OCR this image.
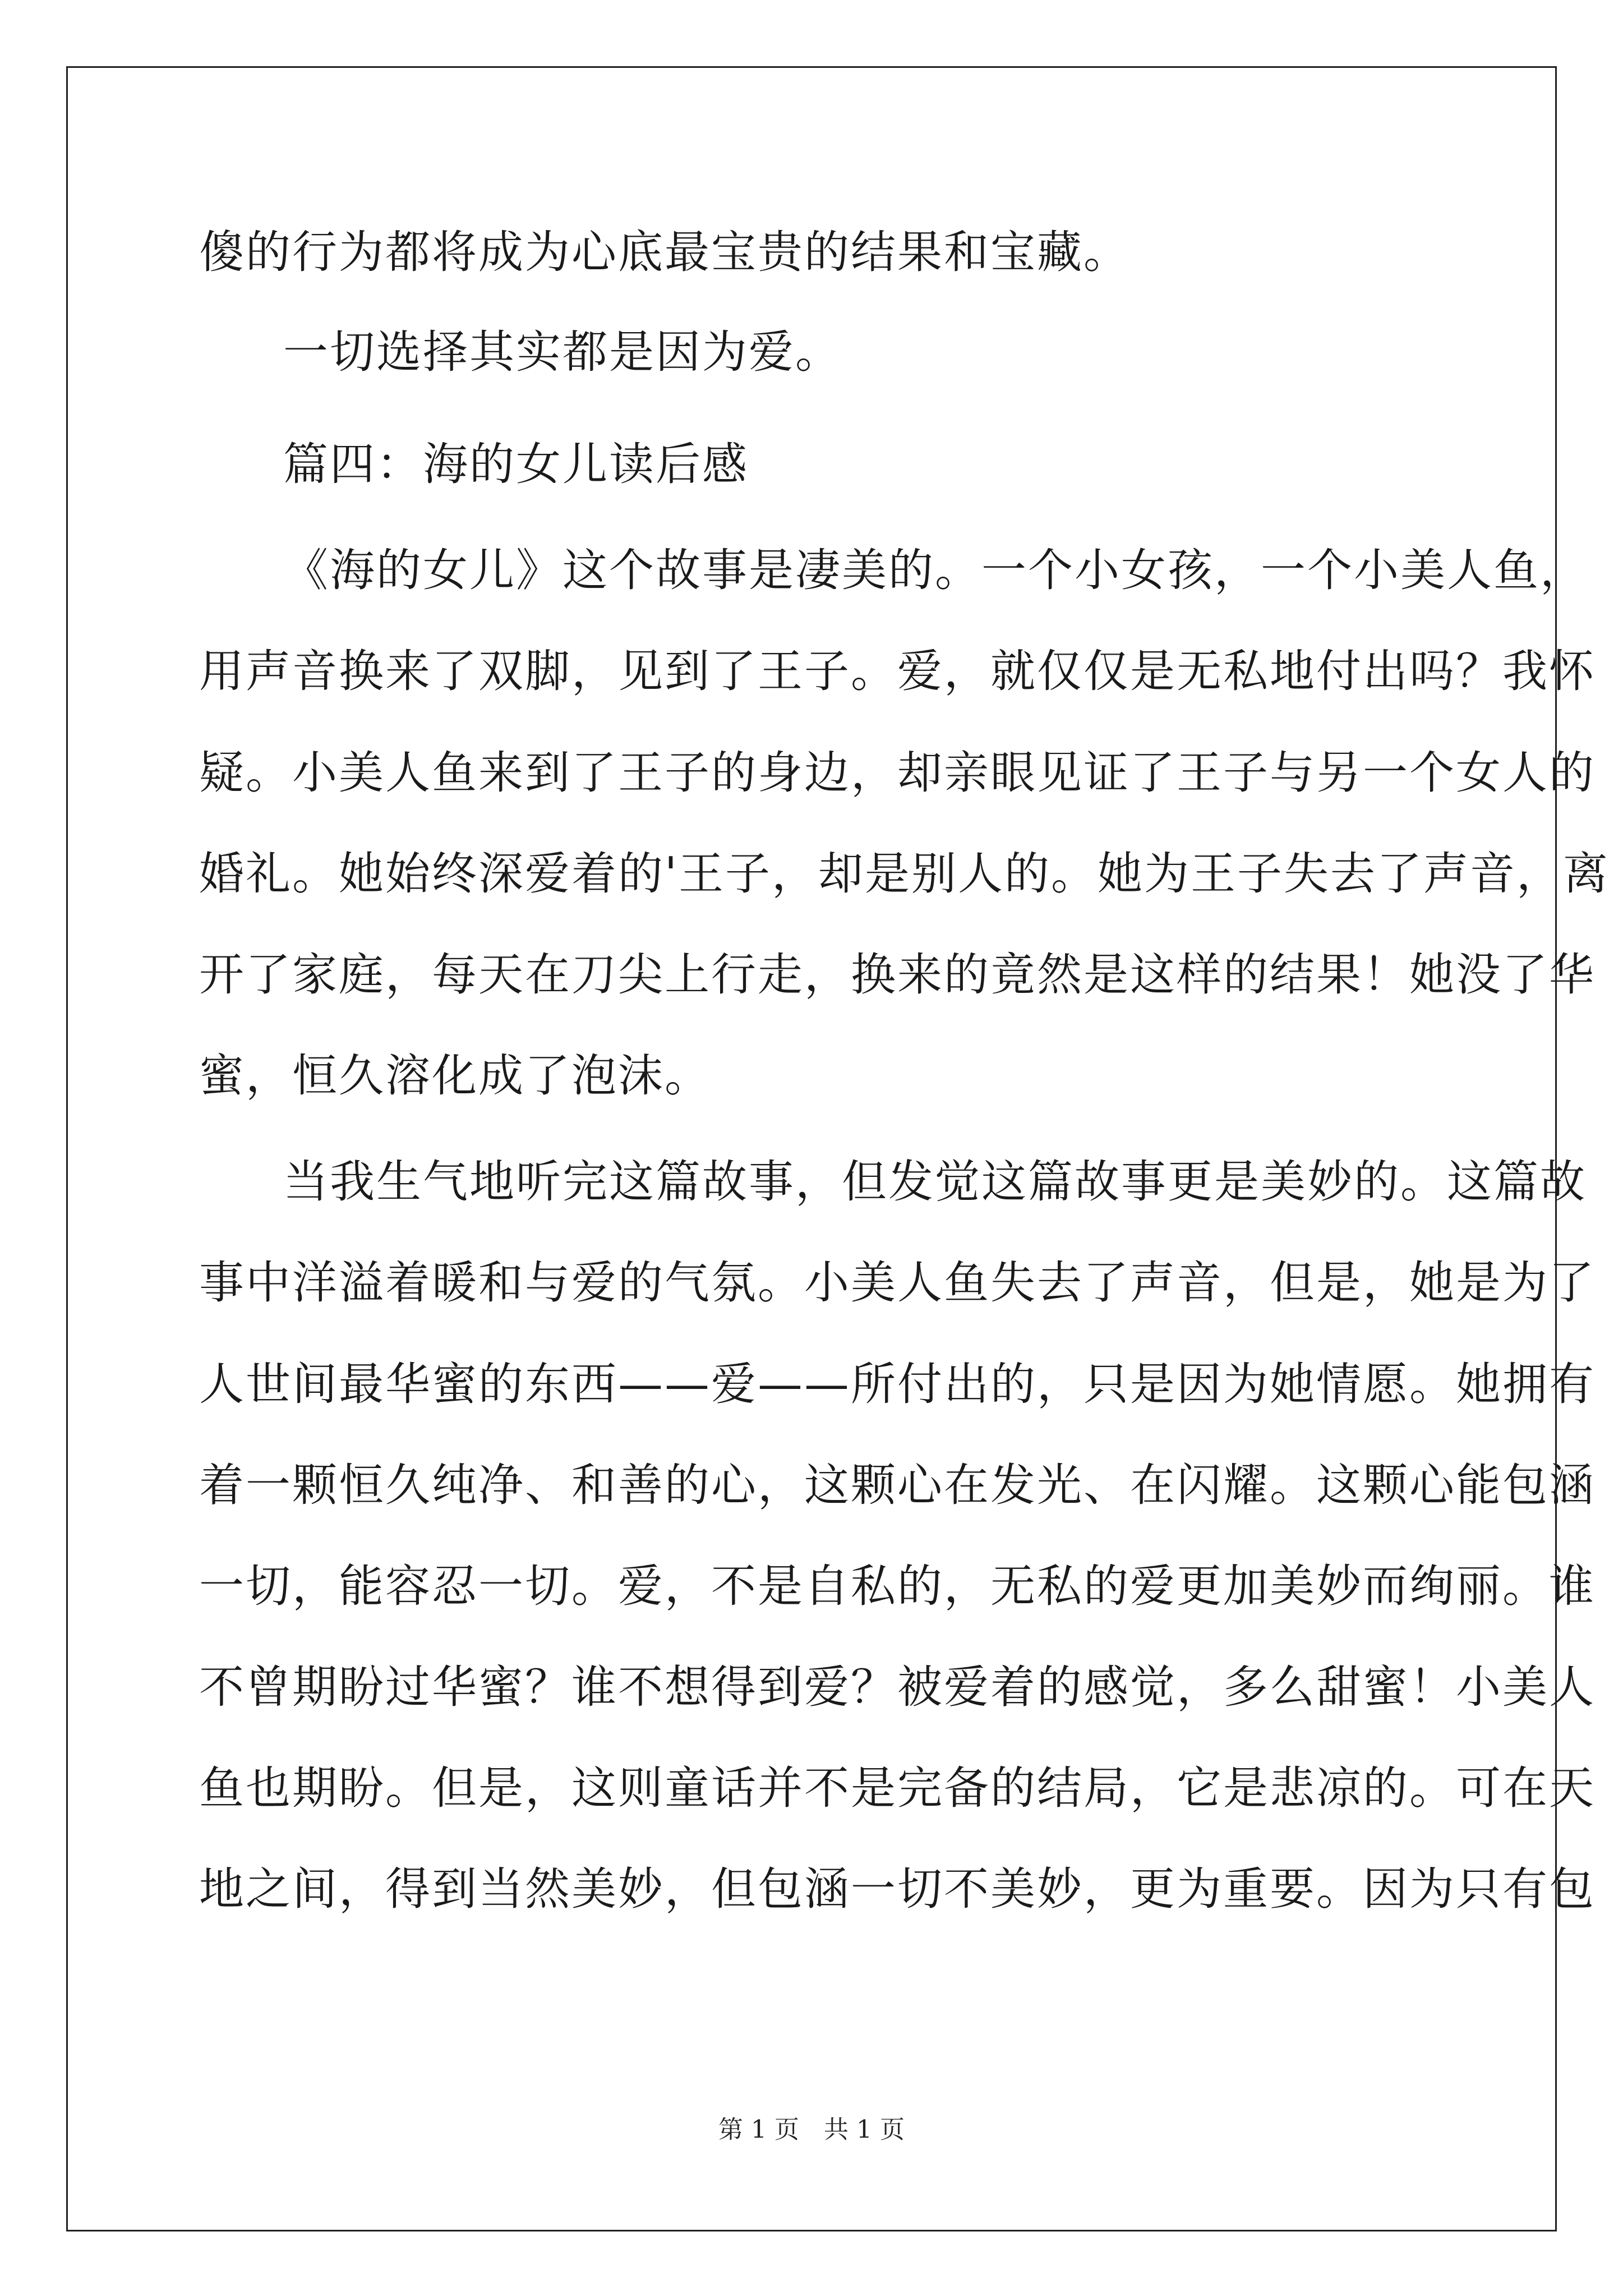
傻的行为都将成为心底最宝贵的结果和宝藏。
一切选择其实都是因为爱。
篇四：海的女儿读后感
《海的女儿》这个故事是凄美的。一个小女孩，一个小美人鱼，
用声音换来了双脚，见到了王子。爱，就仅仅是无私地付出吗？我怀
疑。小美人鱼来到了王子的身边，却亲眼见证了王子与另一个女人的
婚礼。她始终深爱着的'王子，却是别人的。她为王子失去了声音，离
开了家庭，每天在刀尖上行走，换来的竟然是这样的结果！她没了华
蜜，恒久溶化成了泡沫。
当我生气地听完这篇故事，但发觉这篇故事更是美妙的。这篇故
事中洋溢着暖和与爱的气氛。小美人鱼失去了声音，但是，她是为了
人世间最华蜜的东西——爱——所付出的，只是因为她情愿。她拥有
着一颗恒久纯净、和善的心，这颗心在发光、在闪耀。这颗心能包涵
一切，能容忍一切。爱，不是自私的，无私的爱更加美妙而绚丽。谁
不曾期盼过华蜜？谁不想得到爱？被爱着的感觉，多么甜蜜！小美人
鱼也期盼。但是，这则童话并不是完备的结局，它是悲凉的。可在天
地之间，得到当然美妙，但包涵一切不美妙，更为重要。因为只有包
第 1 页　共 1 页
